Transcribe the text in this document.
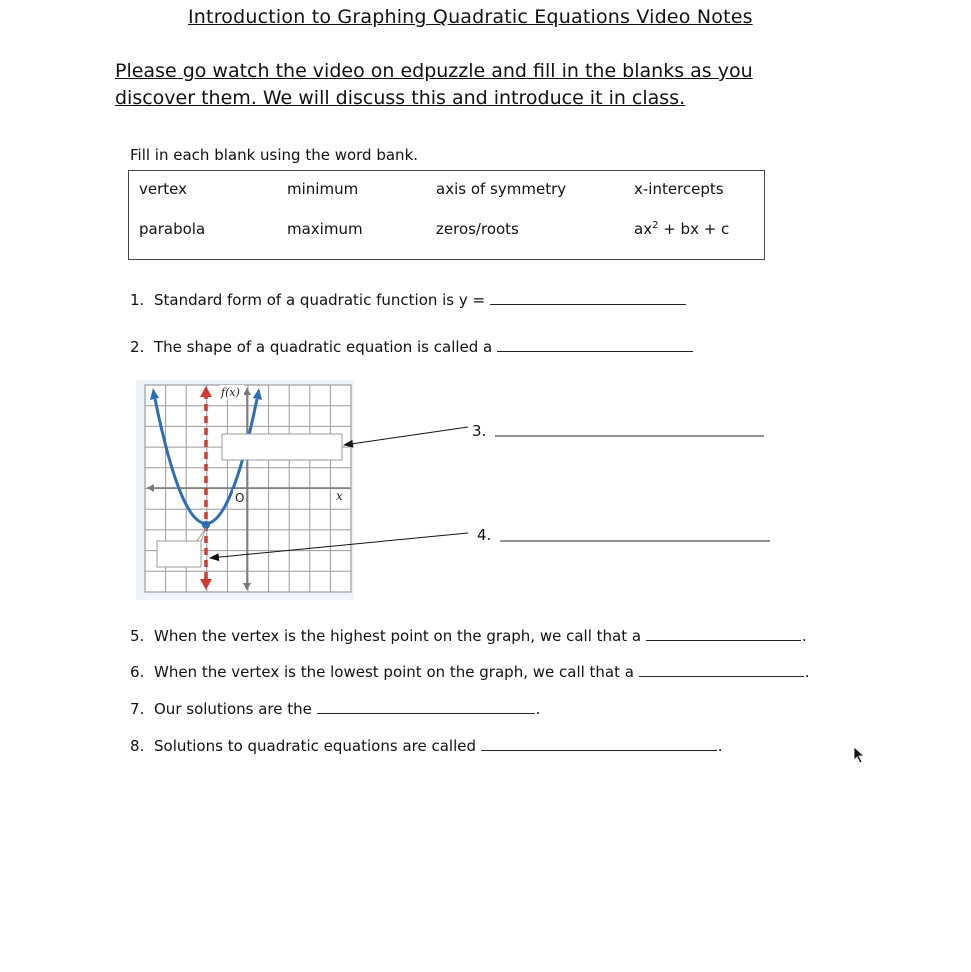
Introduction to Graphing Quadratic Equations Video Notes
Please go watch the video on edpuzzle and fill in the blanks as you discover them. We will discuss this and introduce it in class.
Fill in each blank using the word bank.
vertex	minimum	axis of symmetry	x-intercepts
parabola	maximum	zeros/roots	$ax^2$ + bx + c
1. Standard form of a quadratic function is y =
2. The shape of a quadratic equation is called a
f(x)
x
O
3.
4.
5. When the vertex is the highest point on the graph, we call that a	.
6. When the vertex is the lowest point on the graph, we call that a	.
7. Our solutions are the	.
8. Solutions to quadratic equations are called	.
